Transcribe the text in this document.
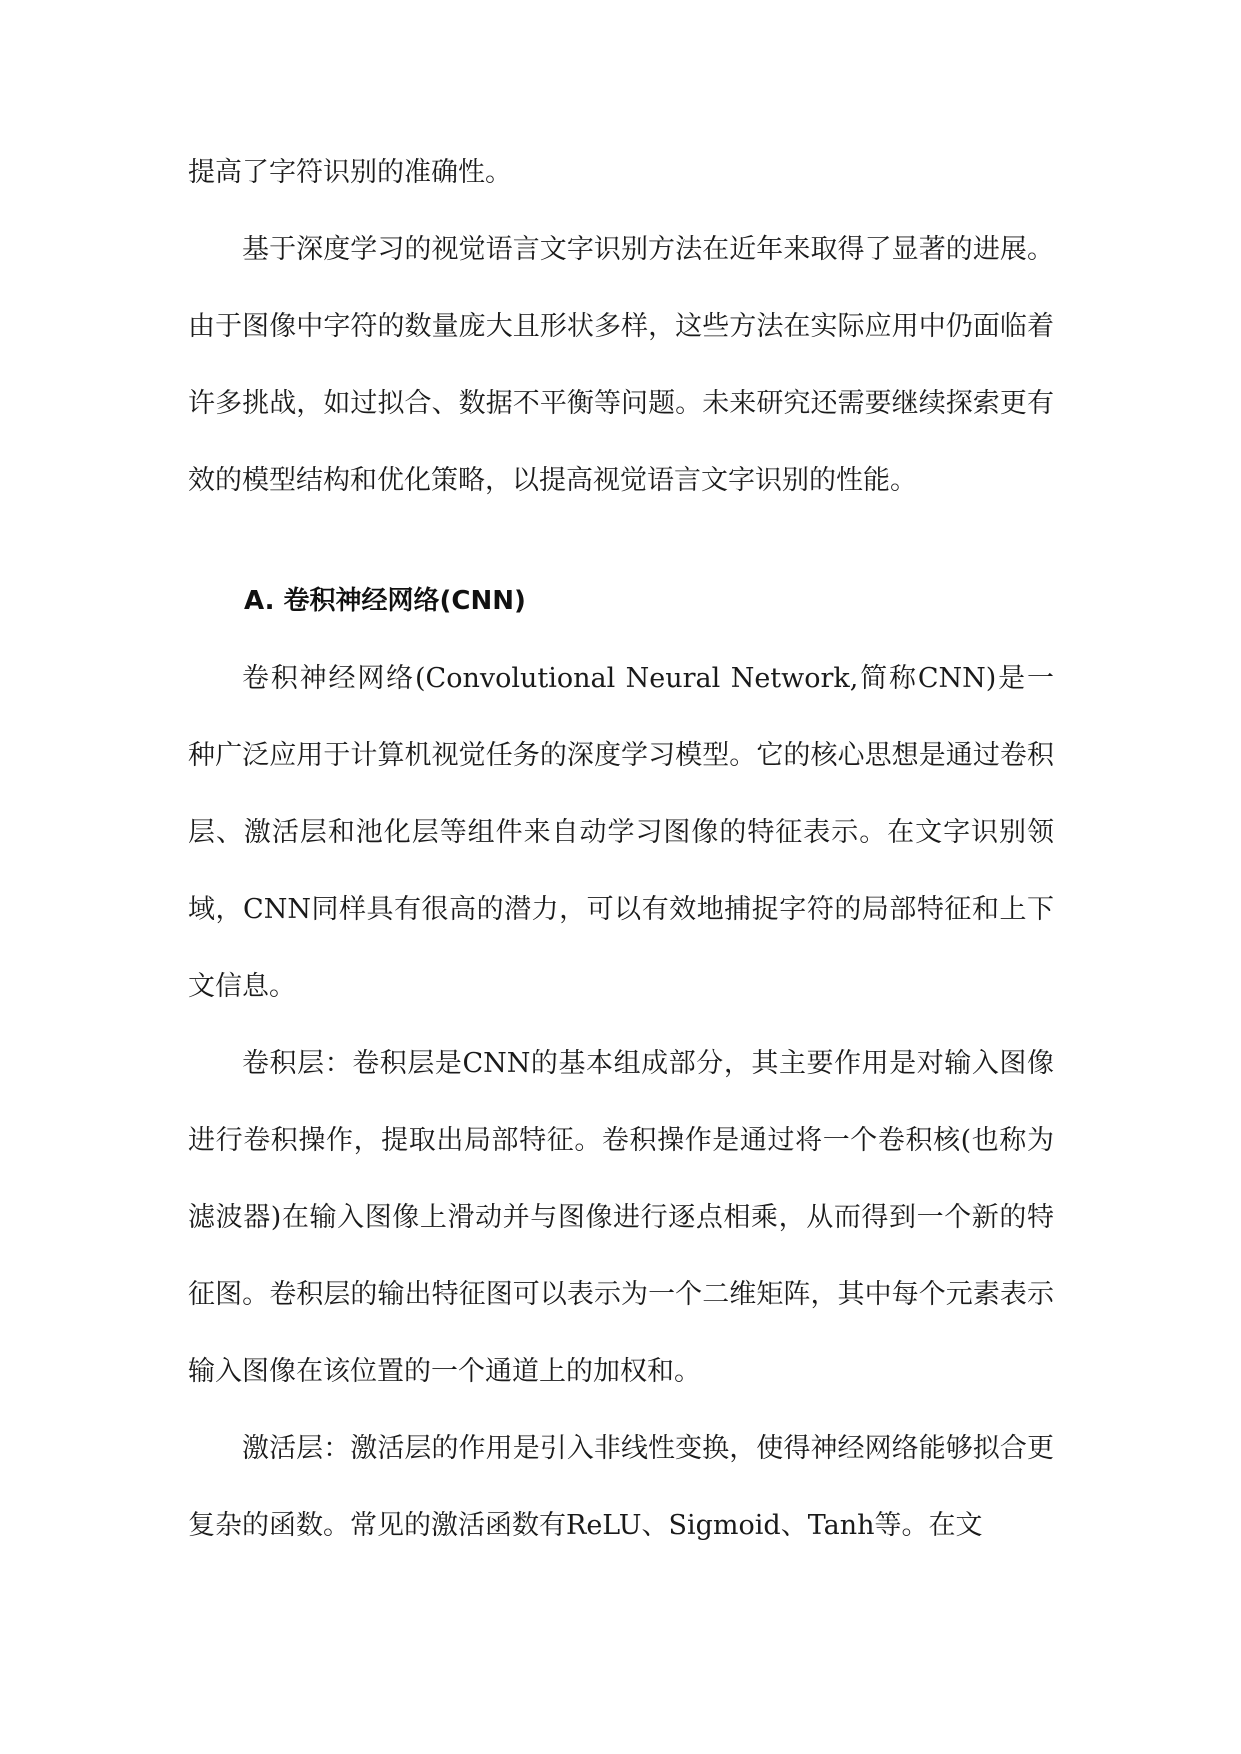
提高了字符识别的准确性。

基于深度学习的视觉语言文字识别方法在近年来取得了显著的进展。由于图像中字符的数量庞大且形状多样，这些方法在实际应用中仍面临着许多挑战，如过拟合、数据不平衡等问题。未来研究还需要继续探索更有效的模型结构和优化策略，以提高视觉语言文字识别的性能。

A. 卷积神经网络(CNN)

卷积神经网络(Convolutional Neural Network,简称CNN)是一种广泛应用于计算机视觉任务的深度学习模型。它的核心思想是通过卷积层、激活层和池化层等组件来自动学习图像的特征表示。在文字识别领域，CNN同样具有很高的潜力，可以有效地捕捉字符的局部特征和上下文信息。

卷积层：卷积层是CNN的基本组成部分，其主要作用是对输入图像进行卷积操作，提取出局部特征。卷积操作是通过将一个卷积核(也称为滤波器)在输入图像上滑动并与图像进行逐点相乘，从而得到一个新的特征图。卷积层的输出特征图可以表示为一个二维矩阵，其中每个元素表示输入图像在该位置的一个通道上的加权和。

激活层：激活层的作用是引入非线性变换，使得神经网络能够拟合更复杂的函数。常见的激活函数有ReLU、Sigmoid、Tanh等。在文
